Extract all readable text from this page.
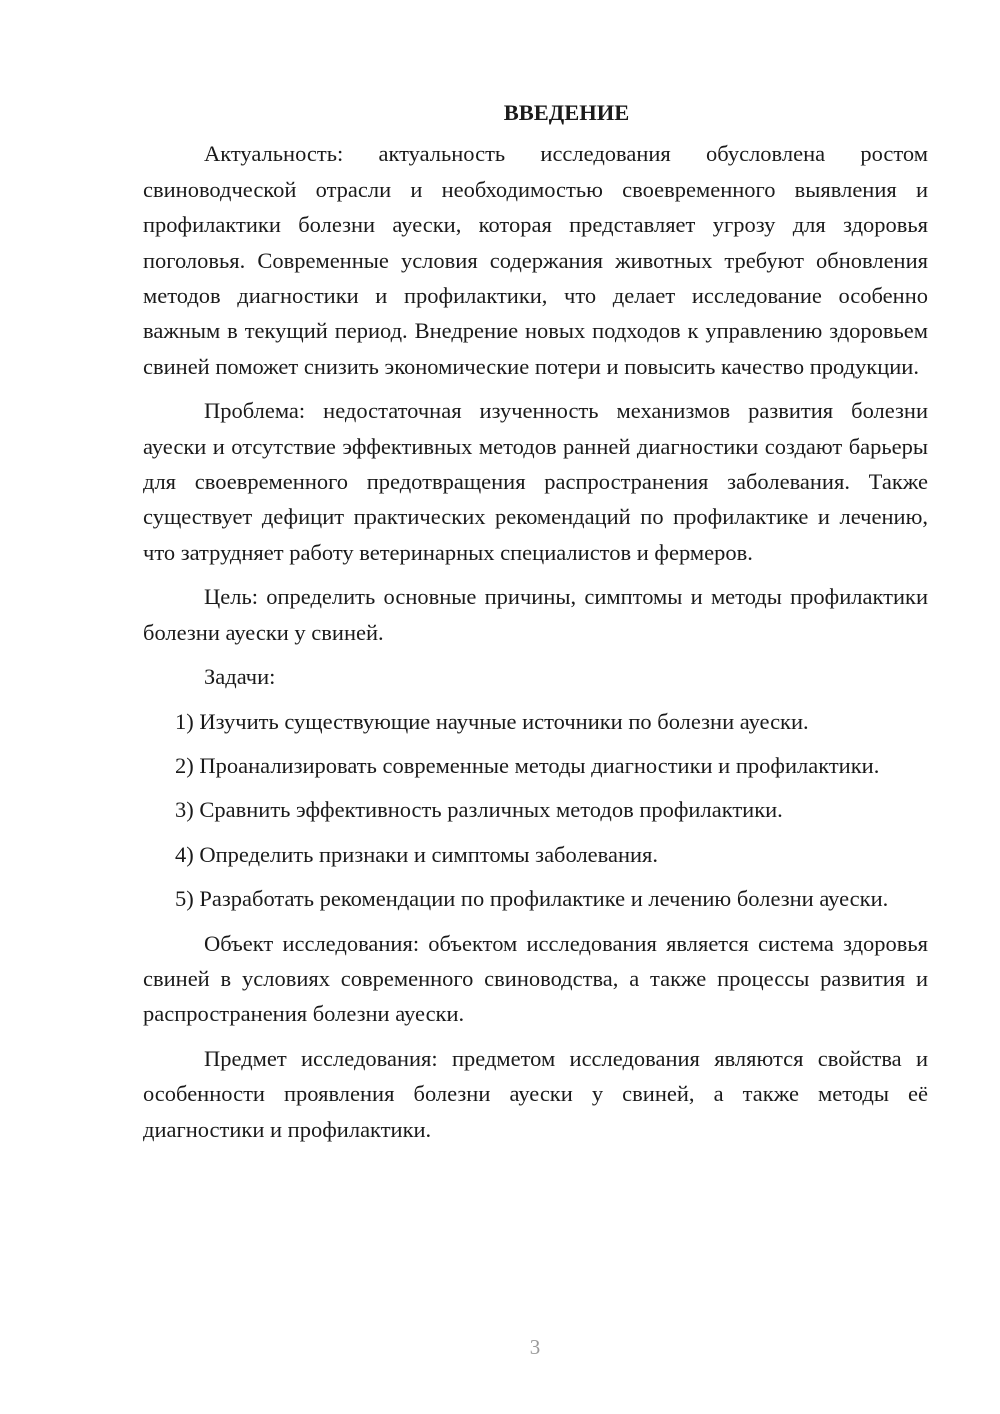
ВВЕДЕНИЕ

Актуальность: актуальность исследования обусловлена ростом свиноводческой отрасли и необходимостью своевременного выявления и профилактики болезни ауески, которая представляет угрозу для здоровья поголовья. Современные условия содержания животных требуют обновления методов диагностики и профилактики, что делает исследование особенно важным в текущий период. Внедрение новых подходов к управлению здоровьем свиней поможет снизить экономические потери и повысить качество продукции.

Проблема: недостаточная изученность механизмов развития болезни ауески и отсутствие эффективных методов ранней диагностики создают барьеры для своевременного предотвращения распространения заболевания. Также существует дефицит практических рекомендаций по профилактике и лечению, что затрудняет работу ветеринарных специалистов и фермеров.

Цель: определить основные причины, симптомы и методы профилактики болезни ауески у свиней.

Задачи:

1) Изучить существующие научные источники по болезни ауески.

2) Проанализировать современные методы диагностики и профилактики.

3) Сравнить эффективность различных методов профилактики.

4) Определить признаки и симптомы заболевания.

5) Разработать рекомендации по профилактике и лечению болезни ауески.

Объект исследования: объектом исследования является система здоровья свиней в условиях современного свиноводства, а также процессы развития и распространения болезни ауески.

Предмет исследования: предметом исследования являются свойства и особенности проявления болезни ауески у свиней, а также методы её диагностики и профилактики.

3
